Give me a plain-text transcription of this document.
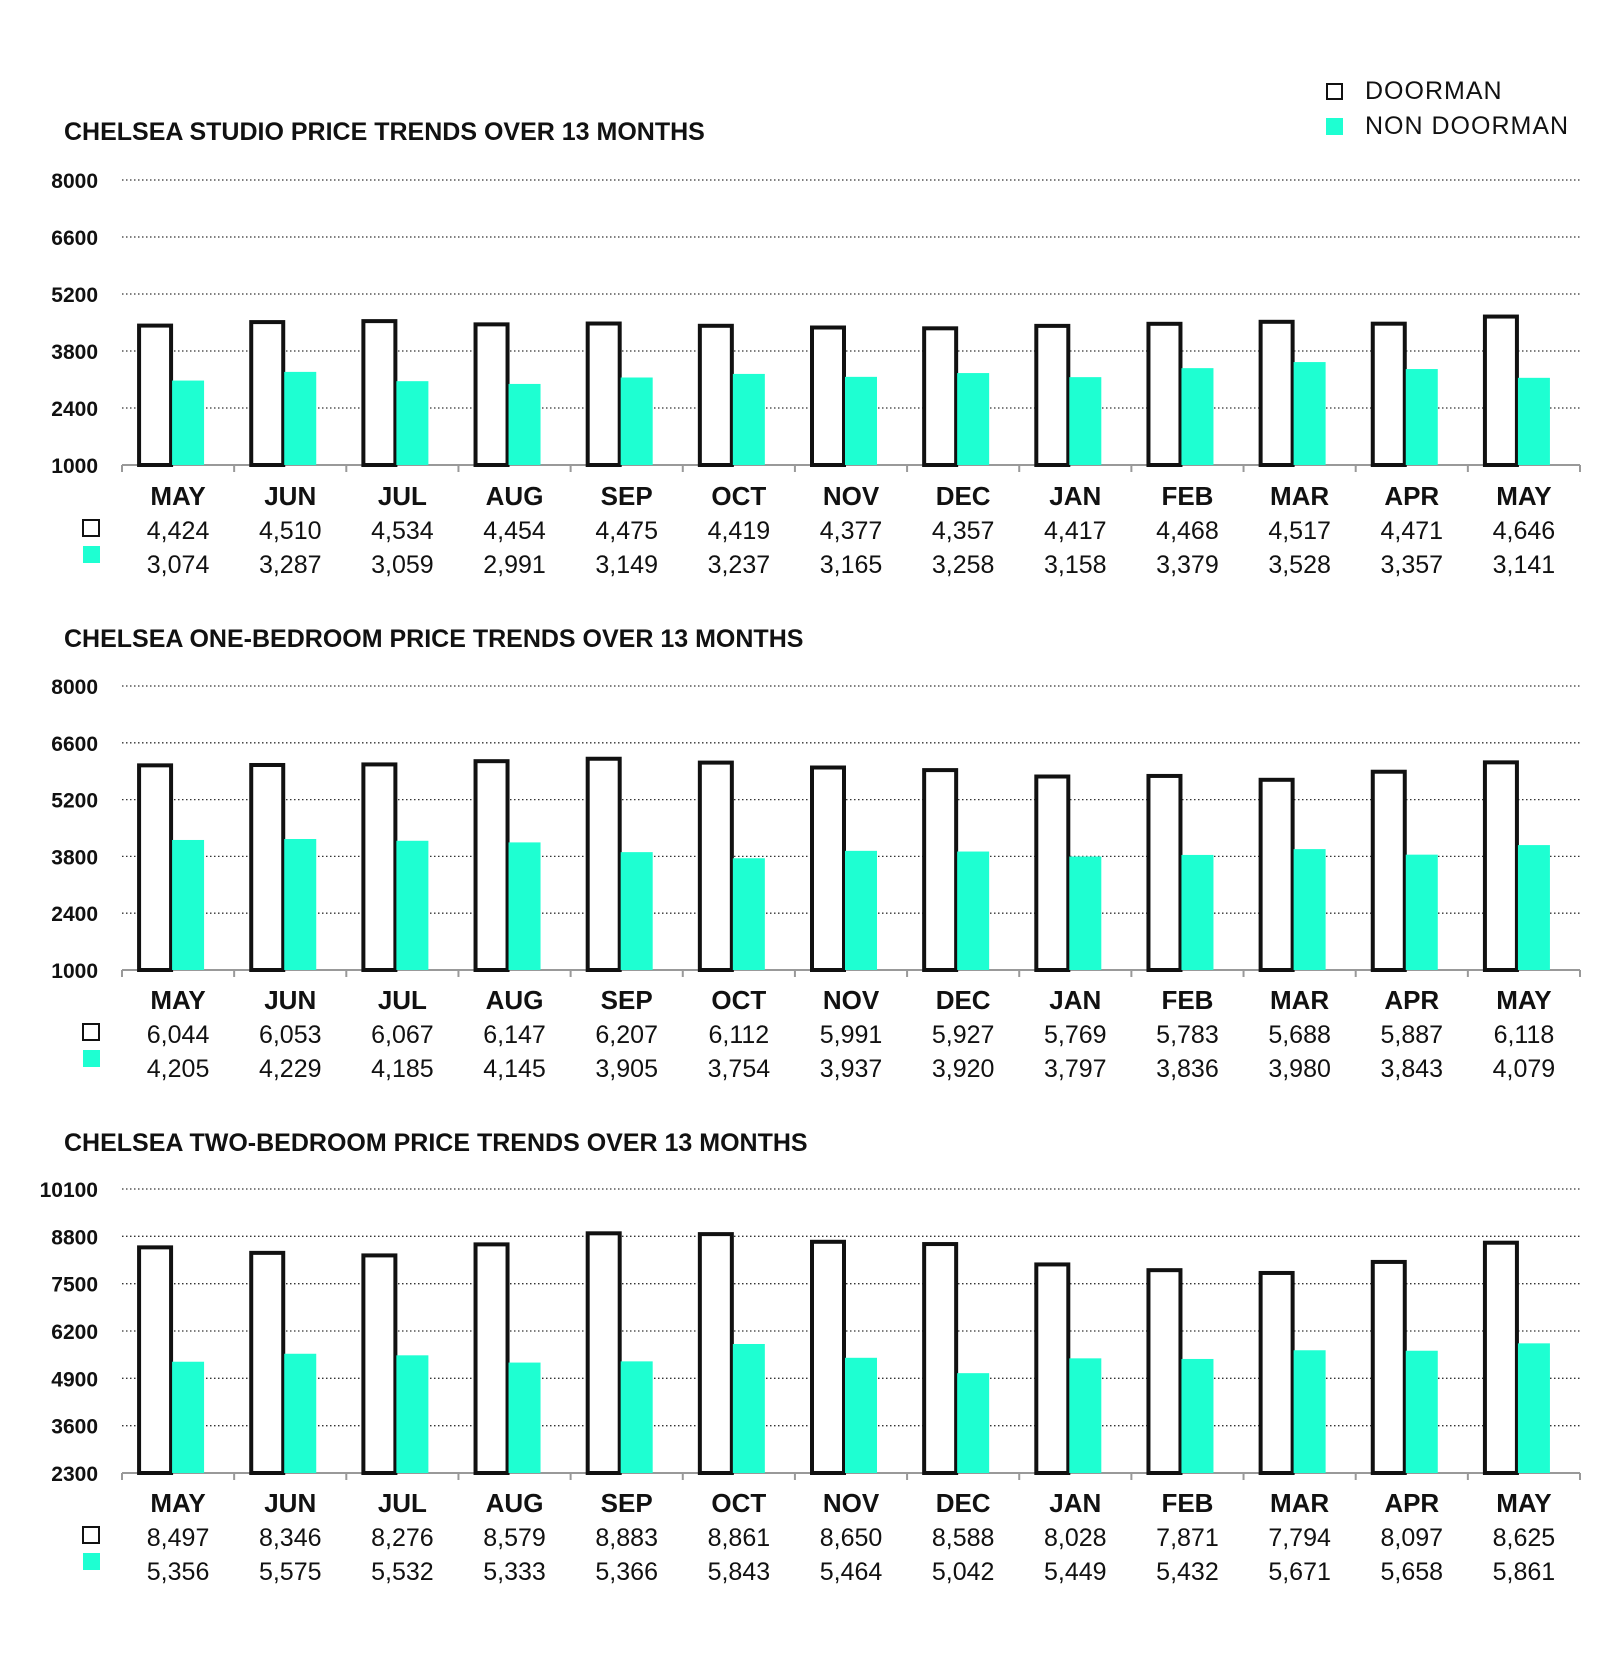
DOORMAN
NON DOORMAN
CHELSEA STUDIO PRICE TRENDS OVER 13 MONTHS
1000
2400
3800
5200
6600
8000
MAY
4,424
3,074
JUN
4,510
3,287
JUL
4,534
3,059
AUG
4,454
2,991
SEP
4,475
3,149
OCT
4,419
3,237
NOV
4,377
3,165
DEC
4,357
3,258
JAN
4,417
3,158
FEB
4,468
3,379
MAR
4,517
3,528
APR
4,471
3,357
MAY
4,646
3,141
CHELSEA ONE-BEDROOM PRICE TRENDS OVER 13 MONTHS
1000
2400
3800
5200
6600
8000
MAY
6,044
4,205
JUN
6,053
4,229
JUL
6,067
4,185
AUG
6,147
4,145
SEP
6,207
3,905
OCT
6,112
3,754
NOV
5,991
3,937
DEC
5,927
3,920
JAN
5,769
3,797
FEB
5,783
3,836
MAR
5,688
3,980
APR
5,887
3,843
MAY
6,118
4,079
CHELSEA TWO-BEDROOM PRICE TRENDS OVER 13 MONTHS
2300
3600
4900
6200
7500
8800
10100
MAY
8,497
5,356
JUN
8,346
5,575
JUL
8,276
5,532
AUG
8,579
5,333
SEP
8,883
5,366
OCT
8,861
5,843
NOV
8,650
5,464
DEC
8,588
5,042
JAN
8,028
5,449
FEB
7,871
5,432
MAR
7,794
5,671
APR
8,097
5,658
MAY
8,625
5,861
